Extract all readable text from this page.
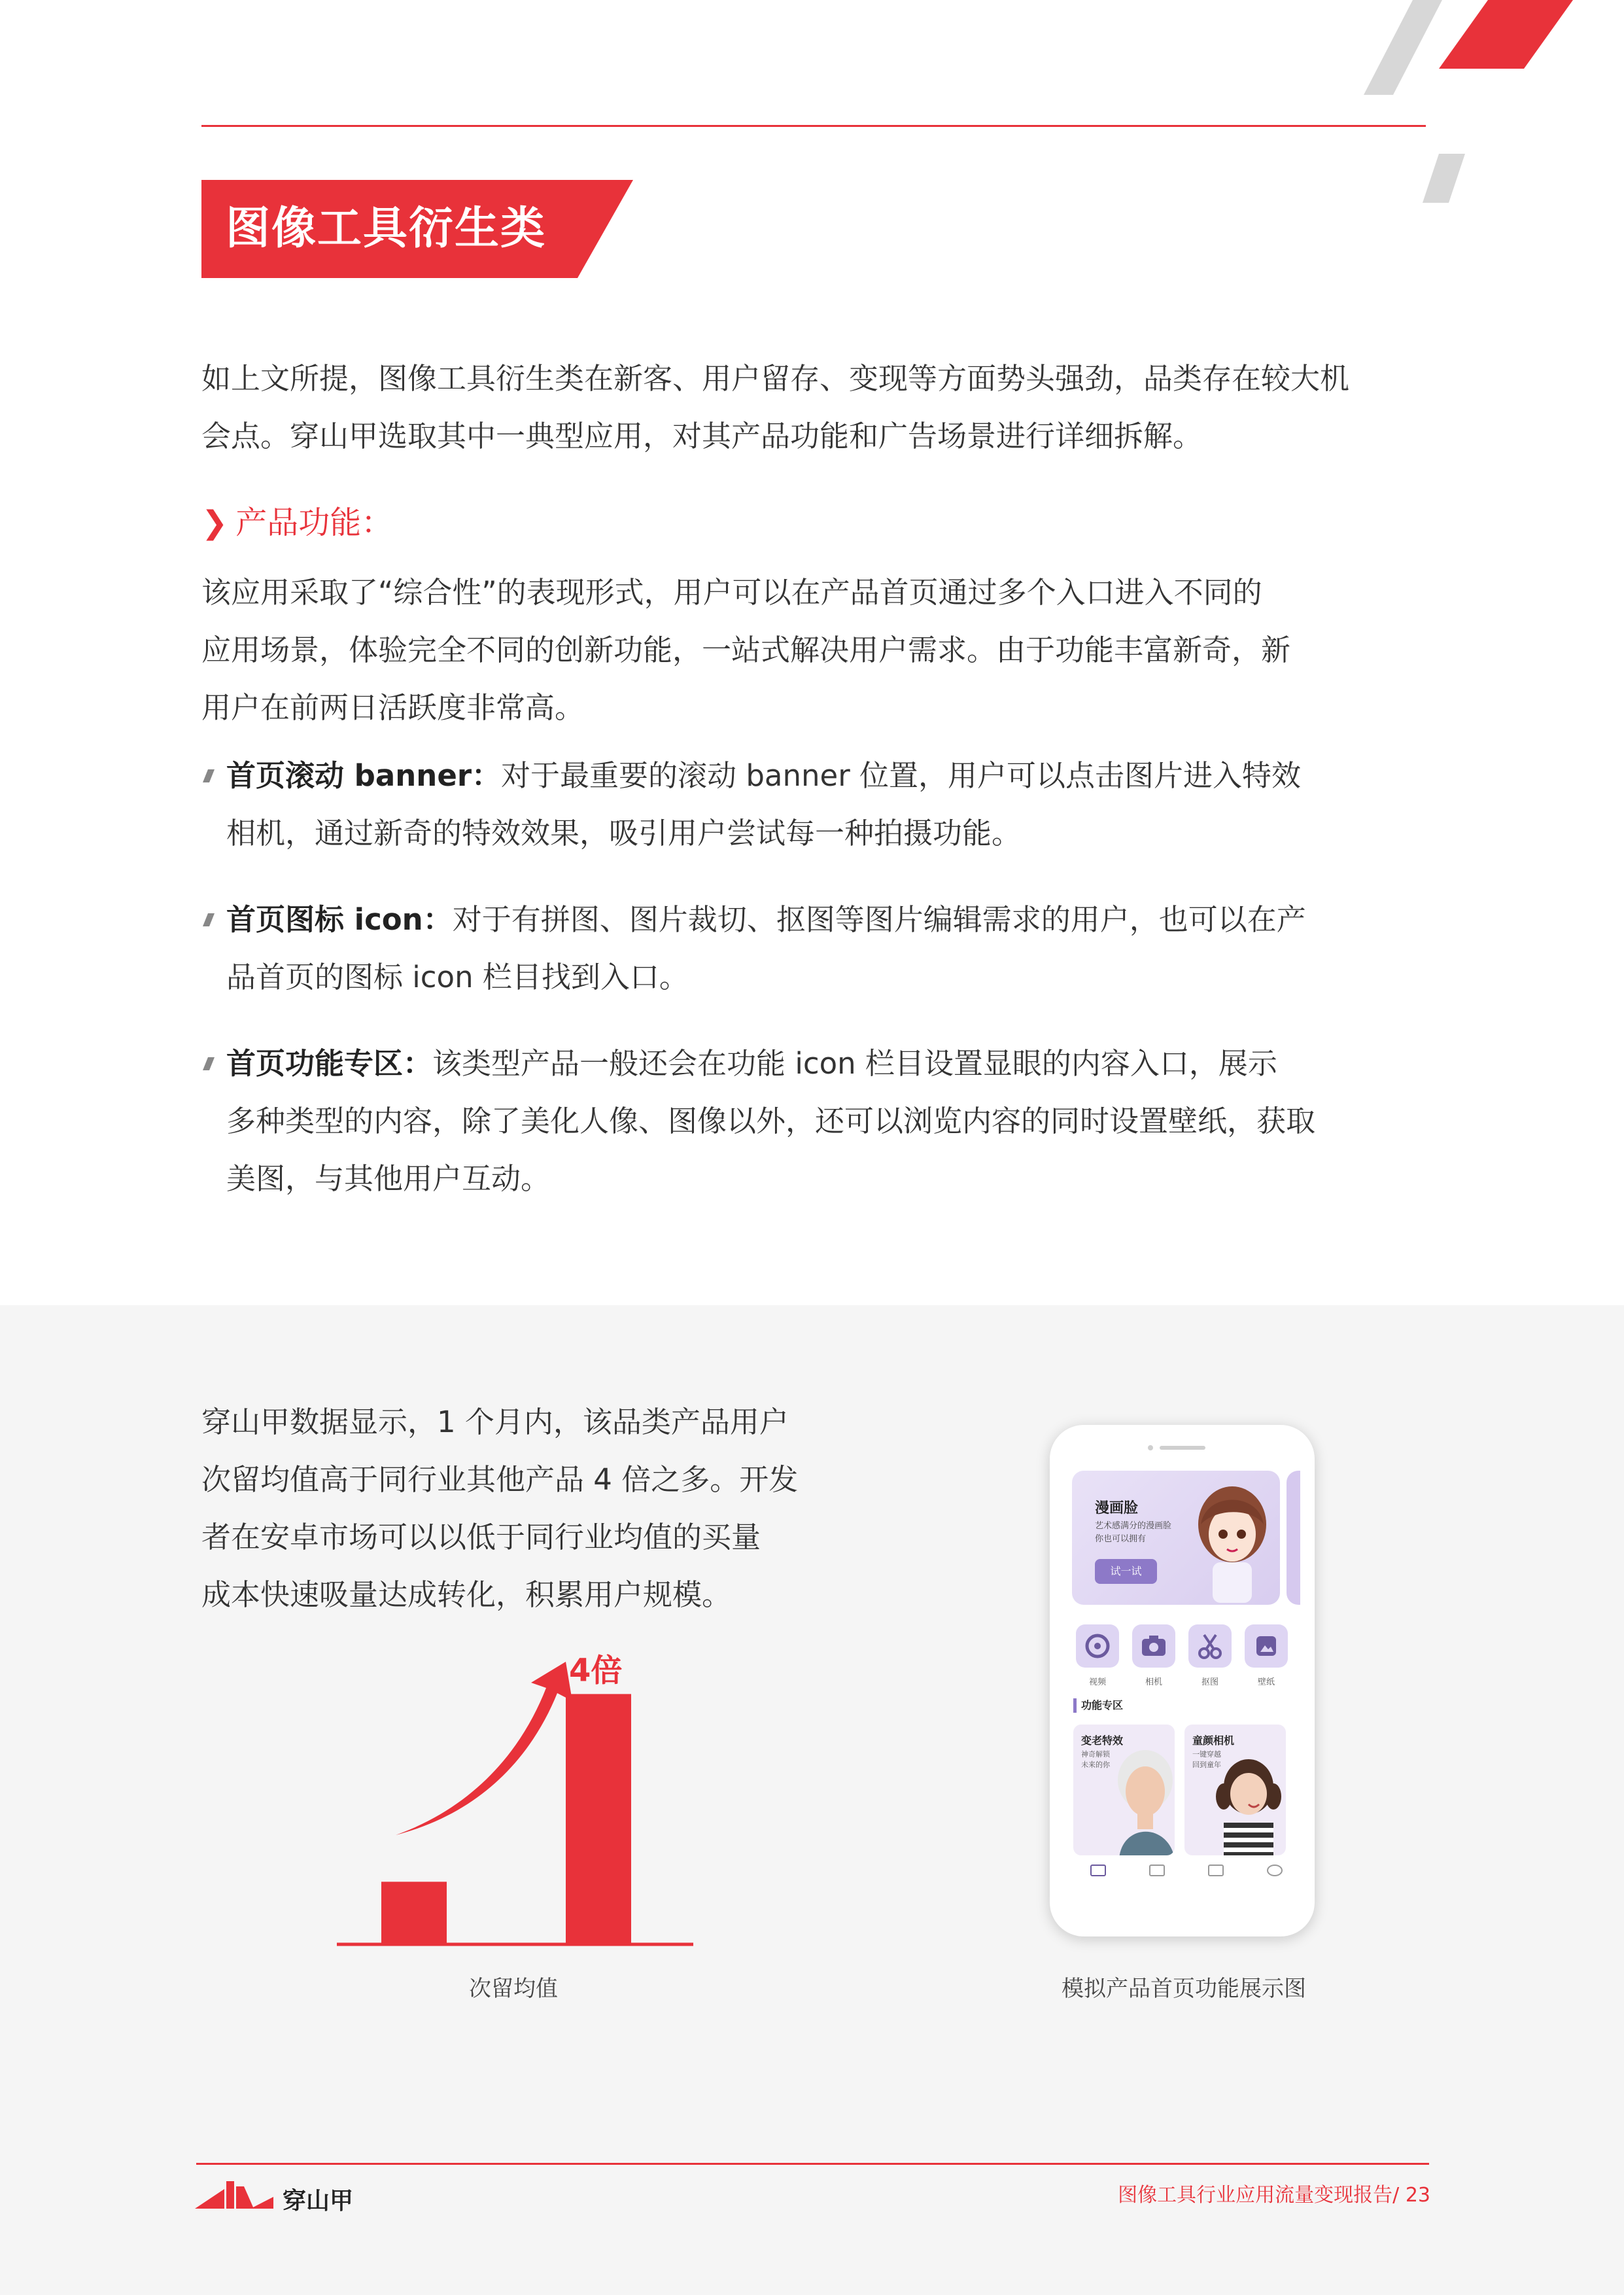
图像工具衍生类
如上文所提，图像工具衍生类在新客、用户留存、变现等方面势头强劲，品类存在较大机
会点。穿山甲选取其中一典型应用，对其产品功能和广告场景进行详细拆解。
❯ 产品功能：
该应用采取了“综合性”的表现形式，用户可以在产品首页通过多个入口进入不同的
应用场景，体验完全不同的创新功能，一站式解决用户需求。由于功能丰富新奇，新
用户在前两日活跃度非常高。
首页滚动 banner：对于最重要的滚动 banner 位置，用户可以点击图片进入特效
相机，通过新奇的特效效果，吸引用户尝试每一种拍摄功能。
首页图标 icon：对于有拼图、图片裁切、抠图等图片编辑需求的用户，也可以在产
品首页的图标 icon 栏目找到入口。
首页功能专区：该类型产品一般还会在功能 icon 栏目设置显眼的内容入口，展示
多种类型的内容，除了美化人像、图像以外，还可以浏览内容的同时设置壁纸，获取
美图，与其他用户互动。
穿山甲数据显示，1 个月内，该品类产品用户
次留均值高于同行业其他产品 4 倍之多。开发
者在安卓市场可以以低于同行业均值的买量
成本快速吸量达成转化，积累用户规模。
4倍
次留均值
漫画脸
艺术感满分的漫画脸
你也可以拥有
试一试
视频	相机	抠图	壁纸
功能专区
变老特效
神奇解锁
未来的你
童颜相机
一键穿越
回到童年
模拟产品首页功能展示图
穿山甲	图像工具行业应用流量变现报告/ 23
